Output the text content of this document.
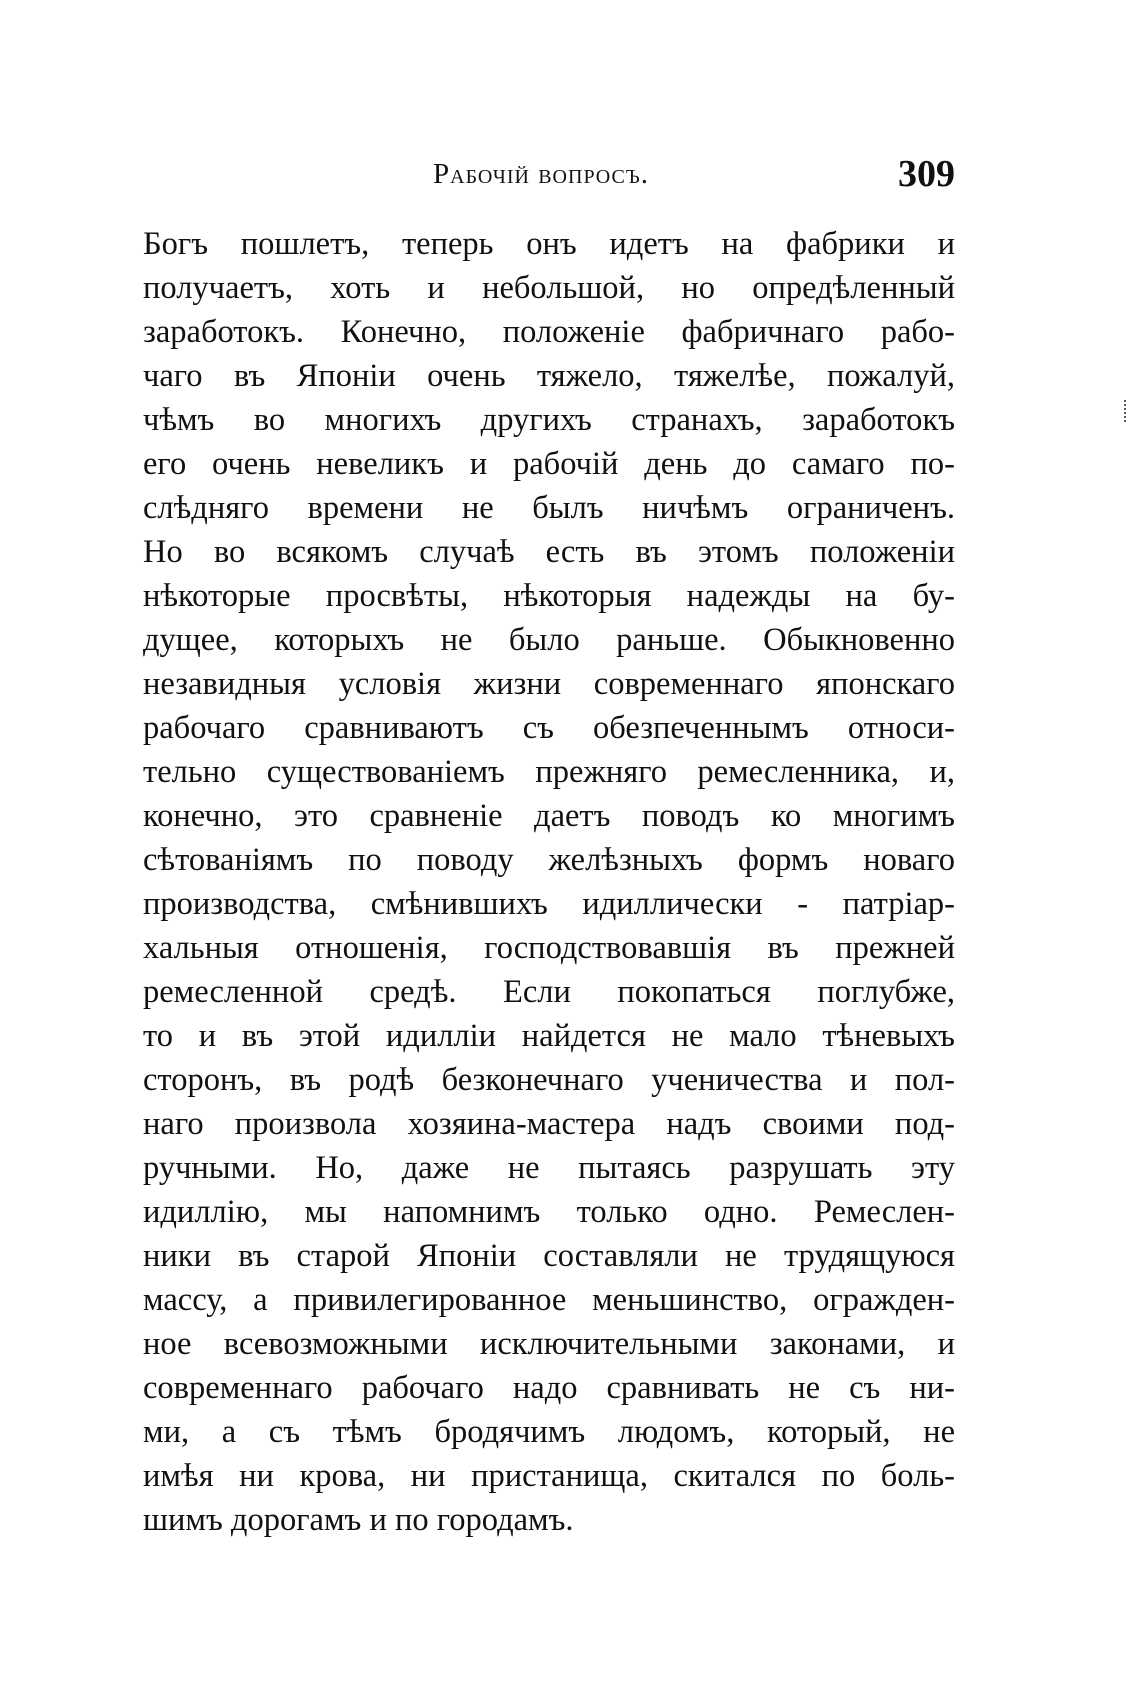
Рабочій вопросъ.	309
Богъ пошлетъ, теперь онъ идетъ на фабрики и
получаетъ, хоть и небольшой, но опредѣленный
заработокъ. Конечно, положеніе фабричнаго рабо-
чаго въ Японіи очень тяжело, тяжелѣе, пожалуй,
чѣмъ во многихъ другихъ странахъ, заработокъ
его очень невеликъ и рабочій день до самаго по-
слѣдняго времени не былъ ничѣмъ ограниченъ.
Но во всякомъ случаѣ есть въ этомъ положеніи
нѣкоторые просвѣты, нѣкоторыя надежды на бу-
дущее, которыхъ не было раньше. Обыкновенно
незавидныя условія жизни современнаго японскаго
рабочаго сравниваютъ съ обезпеченнымъ относи-
тельно существованіемъ прежняго ремесленника, и,
конечно, это сравненіе даетъ поводъ ко многимъ
сѣтованіямъ по поводу желѣзныхъ формъ новаго
производства, смѣнившихъ идиллически - патріар-
хальныя отношенія, господствовавшія въ прежней
ремесленной средѣ. Если покопаться поглубже,
то и въ этой идилліи найдется не мало тѣневыхъ
сторонъ, въ родѣ безконечнаго ученичества и пол-
наго произвола хозяина-мастера надъ своими под-
ручными. Но, даже не пытаясь разрушать эту
идиллію, мы напомнимъ только одно. Ремеслен-
ники въ старой Японіи составляли не трудящуюся
массу, а привилегированное меньшинство, огражден-
ное всевозможными исключительными законами, и
современнаго рабочаго надо сравнивать не съ ни-
ми, а съ тѣмъ бродячимъ людомъ, который, не
имѣя ни крова, ни пристанища, скитался по боль-
шимъ дорогамъ и по городамъ.
